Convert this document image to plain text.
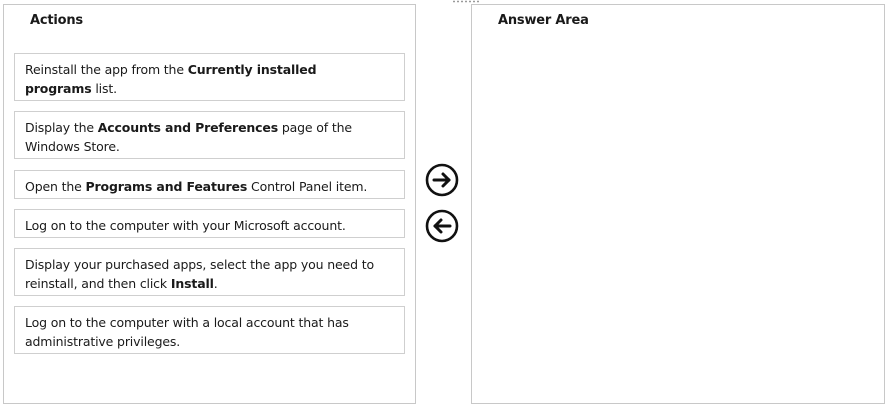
Actions
Reinstall the app from the Currently installed
programs list.
Display the Accounts and Preferences page of the
Windows Store.
Open the Programs and Features Control Panel item.
Log on to the computer with your Microsoft account.
Display your purchased apps, select the app you need to
reinstall, and then click Install.
Log on to the computer with a local account that has
administrative privileges.
Answer Area
